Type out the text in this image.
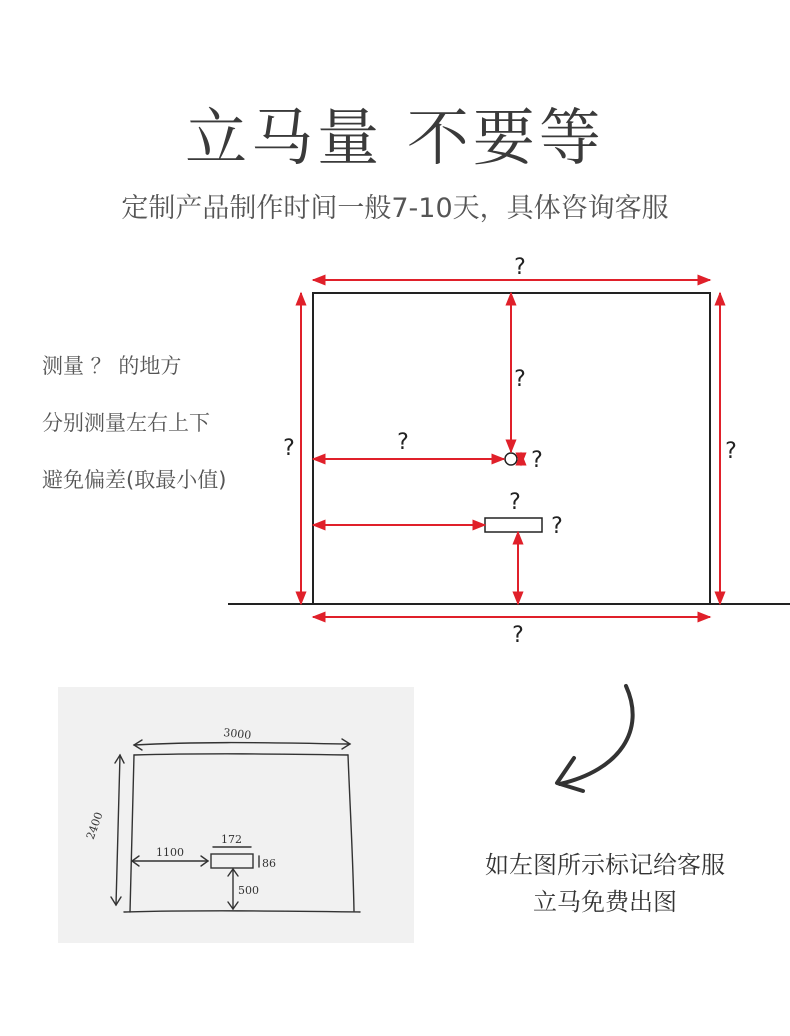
立马量 不要等
定制产品制作时间一般7-10天，具体咨询客服
测量 ？ 的地方
分别测量左右上下
避免偏差(取最小值)
?
?
?	?
?
?
?
?
?
3000
2400
1100
172
86
500
如左图所示标记给客服
立马免费出图
